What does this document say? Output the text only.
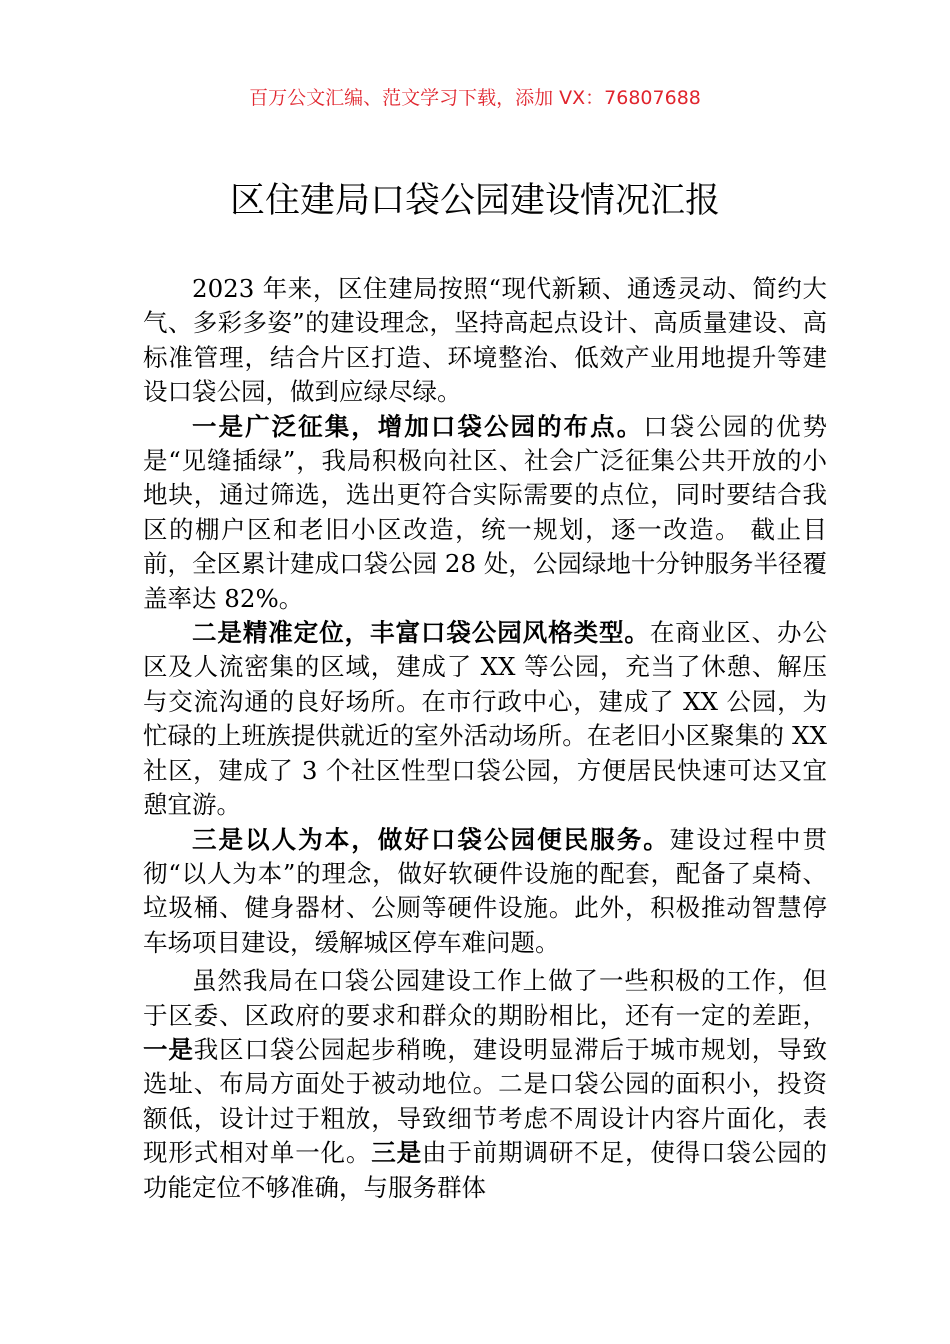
百万公文汇编、范文学习下载，添加 VX：76807688
区住建局口袋公园建设情况汇报

2023 年来，区住建局按照“现代新颖、通透灵动、简约大气、多彩多姿”的建设理念，坚持高起点设计、高质量建设、高标准管理，结合片区打造、环境整治、低效产业用地提升等建设口袋公园，做到应绿尽绿。

一是广泛征集，增加口袋公园的布点。口袋公园的优势是“见缝插绿”，我局积极向社区、社会广泛征集公共开放的小地块，通过筛选，选出更符合实际需要的点位，同时要结合我区的棚户区和老旧小区改造，统一规划，逐一改造。 截止目前，全区累计建成口袋公园 28 处，公园绿地十分钟服务半径覆盖率达 82%。

二是精准定位，丰富口袋公园风格类型。在商业区、办公区及人流密集的区域，建成了 XX 等公园，充当了休憩、解压与交流沟通的良好场所。在市行政中心，建成了 XX 公园，为忙碌的上班族提供就近的室外活动场所。在老旧小区聚集的 XX 社区，建成了 3 个社区性型口袋公园，方便居民快速可达又宜憩宜游。

三是以人为本，做好口袋公园便民服务。建设过程中贯彻“以人为本”的理念，做好软硬件设施的配套，配备了桌椅、垃圾桶、健身器材、公厕等硬件设施。此外，积极推动智慧停车场项目建设，缓解城区停车难问题。

虽然我局在口袋公园建设工作上做了一些积极的工作，但于区委、区政府的要求和群众的期盼相比，还有一定的差距，一是我区口袋公园起步稍晚，建设明显滞后于城市规划，导致选址、布局方面处于被动地位。二是口袋公园的面积小，投资额低，设计过于粗放，导致细节考虑不周设计内容片面化，表现形式相对单一化。三是由于前期调研不足，使得口袋公园的功能定位不够准确，与服务群体
